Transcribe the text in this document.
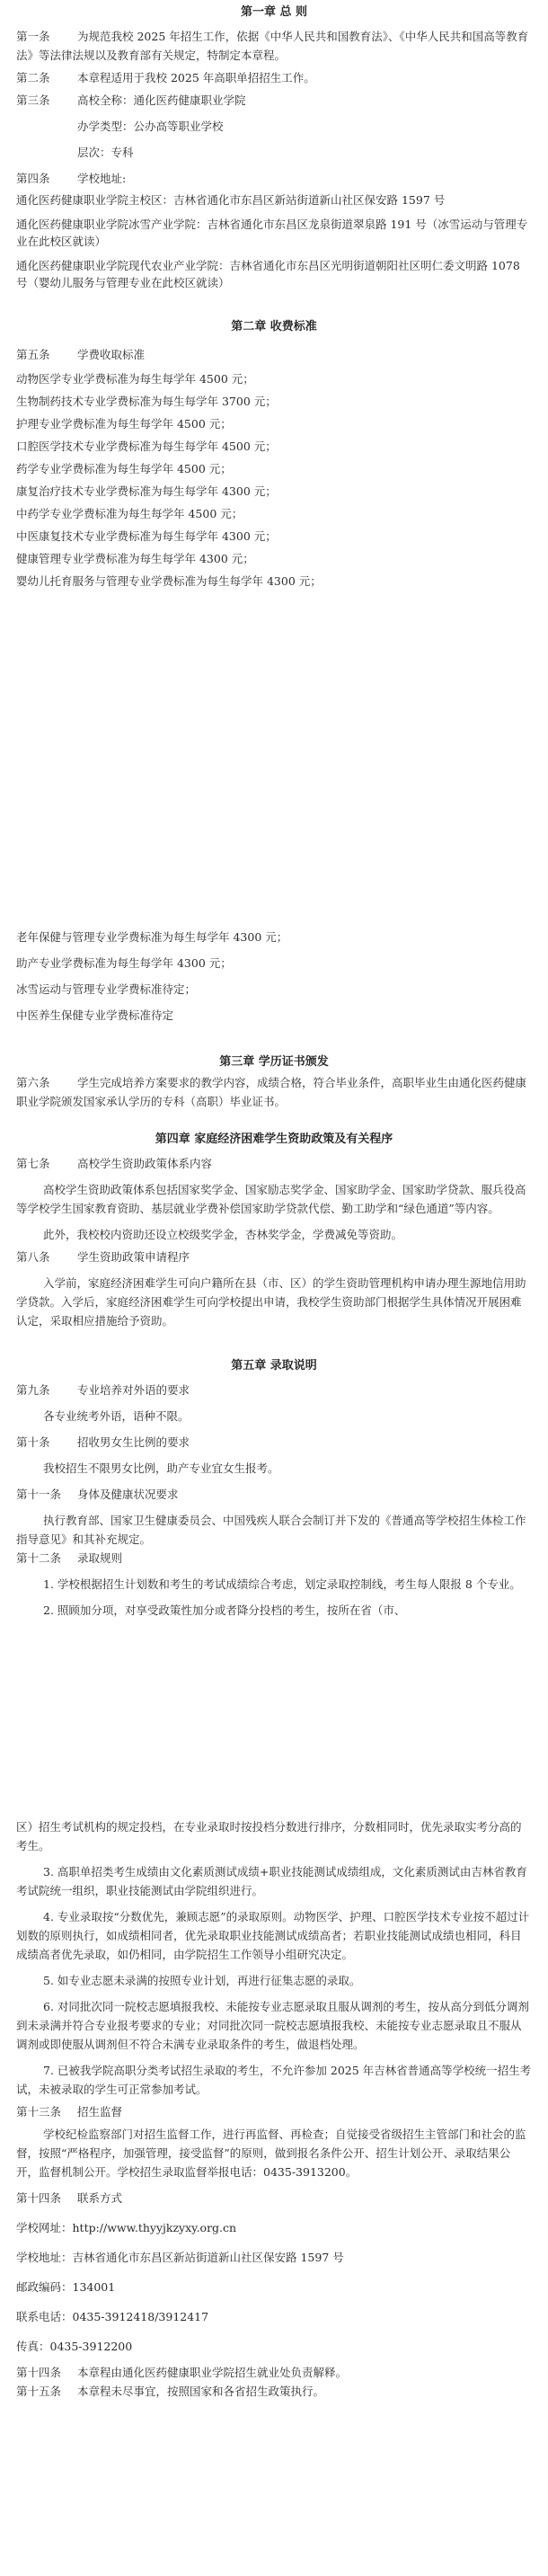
第一章 总 则
第一条 为规范我校 2025 年招生工作，依据《中华人民共和国教育法》、《中华人民共和国高等教育法》等法律法规以及教育部有关规定，特制定本章程。
第二条 本章程适用于我校 2025 年高职单招招生工作。
第三条 高校全称：通化医药健康职业学院
办学类型：公办高等职业学校
层次：专科
第四条 学校地址:
通化医药健康职业学院主校区：吉林省通化市东昌区新站街道新山社区保安路 1597 号
通化医药健康职业学院冰雪产业学院：吉林省通化市东昌区龙泉街道翠泉路 191 号（冰雪运动与管理专业在此校区就读）
通化医药健康职业学院现代农业产业学院：吉林省通化市东昌区光明街道朝阳社区明仁委文明路 1078 号（婴幼儿服务与管理专业在此校区就读）
第二章 收费标准
第五条 学费收取标准
动物医学专业学费标准为每生每学年 4500 元；
生物制药技术专业学费标准为每生每学年 3700 元；
护理专业学费标准为每生每学年 4500 元；
口腔医学技术专业学费标准为每生每学年 4500 元；
药学专业学费标准为每生每学年 4500 元；
康复治疗技术专业学费标准为每生每学年 4300 元；
中药学专业学费标准为每生每学年 4500 元；
中医康复技术专业学费标准为每生每学年 4300 元；
健康管理专业学费标准为每生每学年 4300 元；
婴幼儿托育服务与管理专业学费标准为每生每学年 4300 元；
老年保健与管理专业学费标准为每生每学年 4300 元；
助产专业学费标准为每生每学年 4300 元；
冰雪运动与管理专业学费标准待定；
中医养生保健专业学费标准待定
第三章 学历证书颁发
第六条 学生完成培养方案要求的教学内容，成绩合格，符合毕业条件，高职毕业生由通化医药健康职业学院颁发国家承认学历的专科（高职）毕业证书。
第四章 家庭经济困难学生资助政策及有关程序
第七条 高校学生资助政策体系内容
高校学生资助政策体系包括国家奖学金、国家励志奖学金、国家助学金、国家助学贷款、服兵役高等学校学生国家教育资助、基层就业学费补偿国家助学贷款代偿、勤工助学和“绿色通道”等内容。
此外，我校校内资助还设立校级奖学金，杏林奖学金，学费减免等资助。
第八条 学生资助政策申请程序
入学前，家庭经济困难学生可向户籍所在县（市、区）的学生资助管理机构申请办理生源地信用助学贷款。入学后，家庭经济困难学生可向学校提出申请，我校学生资助部门根据学生具体情况开展困难认定，采取相应措施给予资助。
第五章 录取说明
第九条 专业培养对外语的要求
各专业统考外语，语种不限。
第十条 招收男女生比例的要求
我校招生不限男女比例，助产专业宜女生报考。
第十一条 身体及健康状况要求
执行教育部、国家卫生健康委员会、中国残疾人联合会制订并下发的《普通高等学校招生体检工作指导意见》和其补充规定。
第十二条 录取规则
1. 学校根据招生计划数和考生的考试成绩综合考虑，划定录取控制线，考生每人限报 8 个专业。
2. 照顾加分项，对享受政策性加分或者降分投档的考生，按所在省（市、
区）招生考试机构的规定投档，在专业录取时按投档分数进行排序，分数相同时，优先录取实考分高的考生。
3. 高职单招类考生成绩由文化素质测试成绩+职业技能测试成绩组成，文化素质测试由吉林省教育考试院统一组织，职业技能测试由学院组织进行。
4. 专业录取按“分数优先，兼顾志愿”的录取原则。动物医学、护理、口腔医学技术专业按不超过计划数的原则执行，如成绩相同者，优先录取职业技能测试成绩高者；若职业技能测试成绩也相同，科目成绩高者优先录取，如仍相同，由学院招生工作领导小组研究决定。
5. 如专业志愿未录满的按照专业计划，再进行征集志愿的录取。
6. 对同批次同一院校志愿填报我校、未能按专业志愿录取且服从调剂的考生，按从高分到低分调剂到未录满并符合专业报考要求的专业；对同批次同一院校志愿填报我校、未能按专业志愿录取且不服从调剂或即使服从调剂但不符合未满专业录取条件的考生，做退档处理。
7. 已被我学院高职分类考试招生录取的考生，不允许参加 2025 年吉林省普通高等学校统一招生考试，未被录取的学生可正常参加考试。
第十三条 招生监督
学校纪检监察部门对招生监督工作，进行再监督、再检查；自觉接受省级招生主管部门和社会的监督，按照“严格程序，加强管理，接受监督”的原则，做到报名条件公开、招生计划公开、录取结果公开，监督机制公开。学校招生录取监督举报电话：0435-3913200。
第十四条 联系方式
学校网址：http://www.thyyjkzyxy.org.cn
学校地址：吉林省通化市东昌区新站街道新山社区保安路 1597 号
邮政编码：134001
联系电话：0435-3912418/3912417
传真：0435-3912200
第十四条 本章程由通化医药健康职业学院招生就业处负责解释。
第十五条 本章程未尽事宜，按照国家和各省招生政策执行。
